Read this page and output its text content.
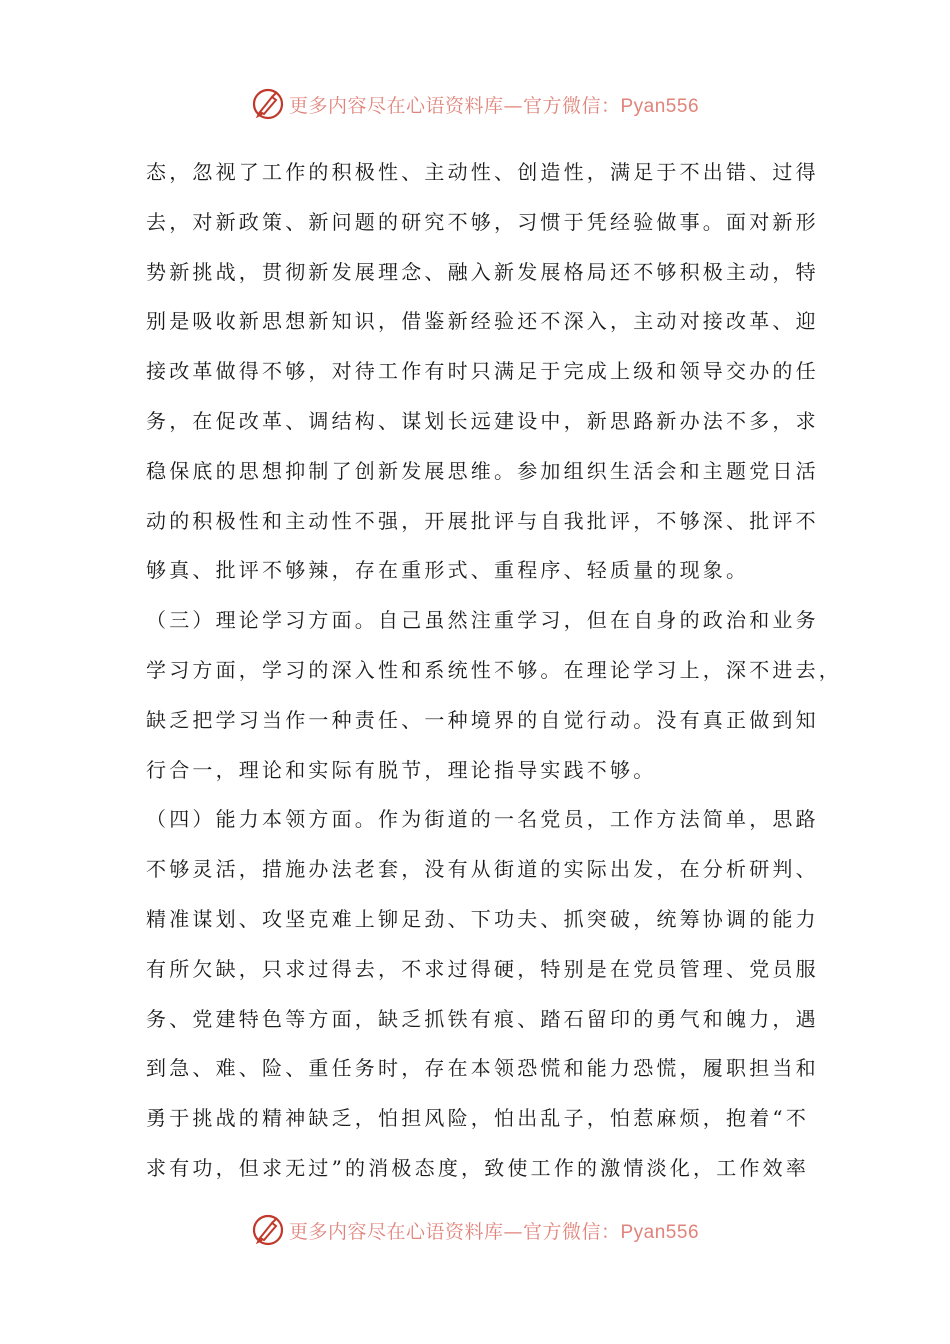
更多内容尽在心语资料库—官方微信：Pyan556
态，忽视了工作的积极性、主动性、创造性，满足于不出错、过得
去，对新政策、新问题的研究不够，习惯于凭经验做事。面对新形
势新挑战，贯彻新发展理念、融入新发展格局还不够积极主动，特
别是吸收新思想新知识，借鉴新经验还不深入，主动对接改革、迎
接改革做得不够，对待工作有时只满足于完成上级和领导交办的任
务，在促改革、调结构、谋划长远建设中，新思路新办法不多，求
稳保底的思想抑制了创新发展思维。参加组织生活会和主题党日活
动的积极性和主动性不强，开展批评与自我批评，不够深、批评不
够真、批评不够辣，存在重形式、重程序、轻质量的现象。
（三）理论学习方面。自己虽然注重学习，但在自身的政治和业务
学习方面，学习的深入性和系统性不够。在理论学习上，深不进去，
缺乏把学习当作一种责任、一种境界的自觉行动。没有真正做到知
行合一，理论和实际有脱节，理论指导实践不够。
（四）能力本领方面。作为街道的一名党员，工作方法简单，思路
不够灵活，措施办法老套，没有从街道的实际出发，在分析研判、
精准谋划、攻坚克难上铆足劲、下功夫、抓突破，统筹协调的能力
有所欠缺，只求过得去，不求过得硬，特别是在党员管理、党员服
务、党建特色等方面，缺乏抓铁有痕、踏石留印的勇气和魄力，遇
到急、难、险、重任务时，存在本领恐慌和能力恐慌，履职担当和
勇于挑战的精神缺乏，怕担风险，怕出乱子，怕惹麻烦，抱着“不
求有功，但求无过”的消极态度，致使工作的激情淡化，工作效率
更多内容尽在心语资料库—官方微信：Pyan556
